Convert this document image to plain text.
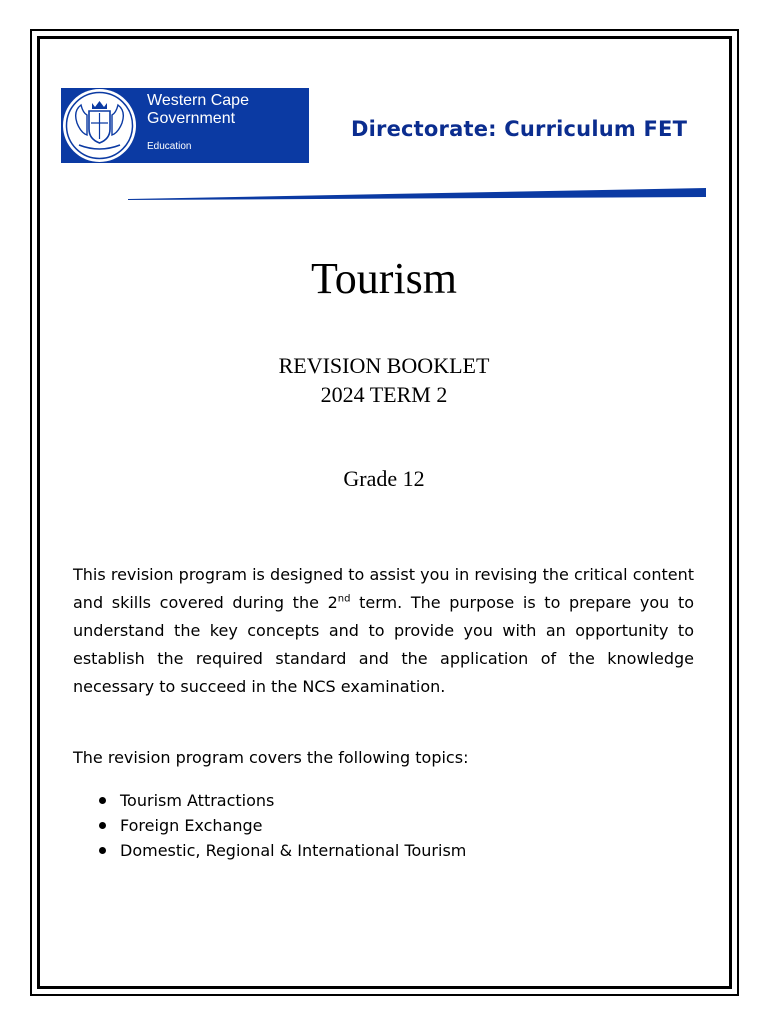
Western Cape
Government
Education
Directorate: Curriculum FET
Tourism
REVISION BOOKLET
2024 TERM 2
Grade 12

This revision program is designed to assist you in revising the critical content and skills covered during the 2nd term. The purpose is to prepare you to understand the key concepts and to provide you with an opportunity to establish the required standard and the application of the knowledge necessary to succeed in the NCS examination.

The revision program covers the following topics:
Tourism Attractions
Foreign Exchange
Domestic, Regional & International Tourism
